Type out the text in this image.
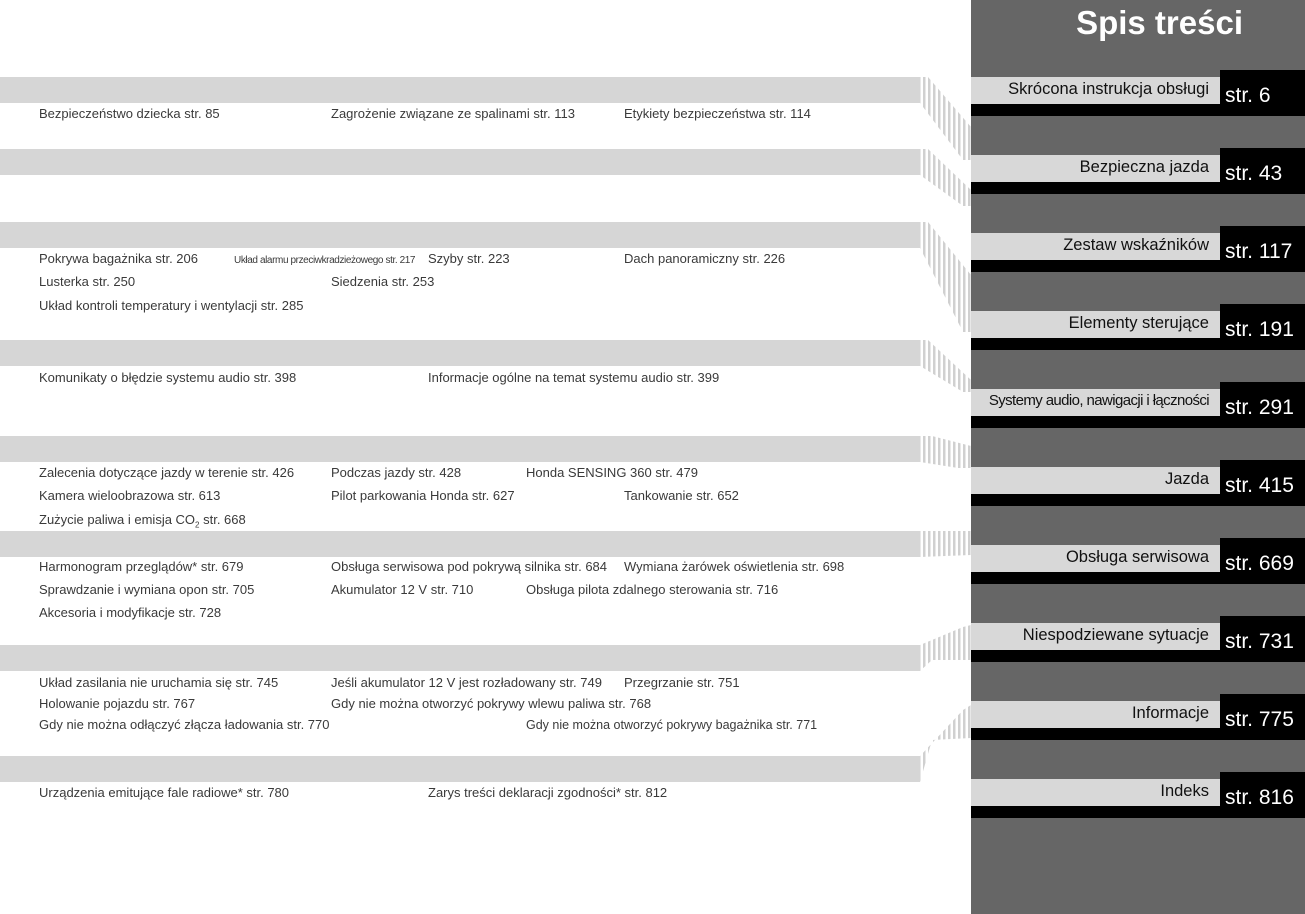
Bezpieczeństwo dziecka str. 85	Zagrożenie związane ze spalinami str. 113	Etykiety bezpieczeństwa str. 114
Pokrywa bagażnika str. 206	Układ alarmu przeciwkradzieżowego str. 217 Szyby str. 223	Dach panoramiczny str. 226
Lusterka str. 250	Siedzenia str. 253
Układ kontroli temperatury i wentylacji str. 285
Komunikaty o błędzie systemu audio str. 398	Informacje ogólne na temat systemu audio str. 399
Zalecenia dotyczące jazdy w terenie str. 426	Podczas jazdy str. 428	Honda SENSING 360 str. 479
Kamera wieloobrazowa str. 613	Pilot parkowania Honda str. 627	Tankowanie str. 652
Zużycie paliwa i emisja $CO_2$ str. 668
Harmonogram przeglądów* str. 679	Obsługa serwisowa pod pokrywą silnika str. 684 Wymiana żarówek oświetlenia str. 698
Sprawdzanie i wymiana opon str. 705	Akumulator 12 V str. 710	Obsługa pilota zdalnego sterowania str. 716
Akcesoria i modyfikacje str. 728
Układ zasilania nie uruchamia się str. 745	Jeśli akumulator 12 V jest rozładowany str. 749 Przegrzanie str. 751
Holowanie pojazdu str. 767	Gdy nie można otworzyć pokrywy wlewu paliwa str. 768
Gdy nie można odłączyć złącza ładowania str. 770	Gdy nie można otworzyć pokrywy bagażnika str. 771
Urządzenia emitujące fale radiowe* str. 780	Zarys treści deklaracji zgodności* str. 812
Spis treści
Skrócona instrukcja obsługi str. 6
Bezpieczna jazda str. 43
Zestaw wskaźników str. 117
Elementy sterujące str. 191
Systemy audio, nawigacji i łączności str. 291
Jazda str. 415
Obsługa serwisowa str. 669
Niespodziewane sytuacje str. 731
Informacje str. 775
Indeks str. 816
